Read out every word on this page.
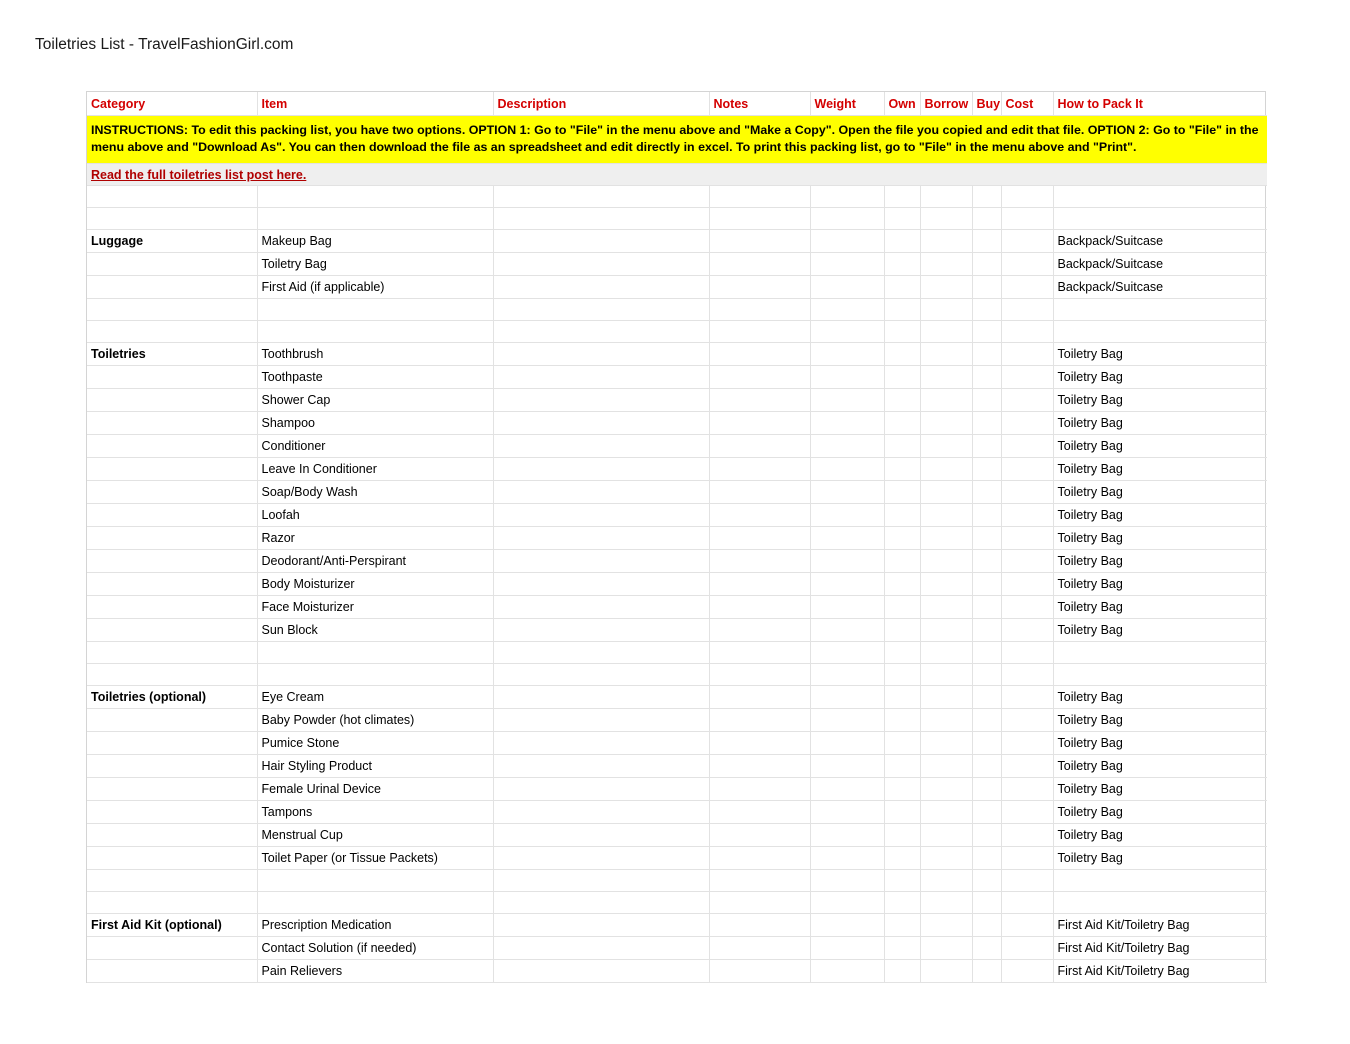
Toiletries List - TravelFashionGirl.com
Category	Item	Description	Notes	Weight	Own	Borrow	Buy	Cost	How to Pack It
INSTRUCTIONS: To edit this packing list, you have two options. OPTION 1: Go to "File" in the menu above and "Make a Copy". Open the file you copied and edit that file. OPTION 2: Go to "File" in the menu above and "Download As". You can then download the file as an spreadsheet and edit directly in excel. To print this packing list, go to "File" in the menu above and "Print".									
Read the full toiletries list post here.									

Luggage	Makeup Bag								Backpack/Suitcase
	Toiletry Bag								Backpack/Suitcase
	First Aid (if applicable)								Backpack/Suitcase

Toiletries	Toothbrush								Toiletry Bag
	Toothpaste								Toiletry Bag
	Shower Cap								Toiletry Bag
	Shampoo								Toiletry Bag
	Conditioner								Toiletry Bag
	Leave In Conditioner								Toiletry Bag
	Soap/Body Wash								Toiletry Bag
	Loofah								Toiletry Bag
	Razor								Toiletry Bag
	Deodorant/Anti-Perspirant								Toiletry Bag
	Body Moisturizer								Toiletry Bag
	Face Moisturizer								Toiletry Bag
	Sun Block								Toiletry Bag

Toiletries (optional)	Eye Cream								Toiletry Bag
	Baby Powder (hot climates)								Toiletry Bag
	Pumice Stone								Toiletry Bag
	Hair Styling Product								Toiletry Bag
	Female Urinal Device								Toiletry Bag
	Tampons								Toiletry Bag
	Menstrual Cup								Toiletry Bag
	Toilet Paper (or Tissue Packets)								Toiletry Bag

First Aid Kit (optional)	Prescription Medication								First Aid Kit/Toiletry Bag
	Contact Solution (if needed)								First Aid Kit/Toiletry Bag
	Pain Relievers								First Aid Kit/Toiletry Bag
